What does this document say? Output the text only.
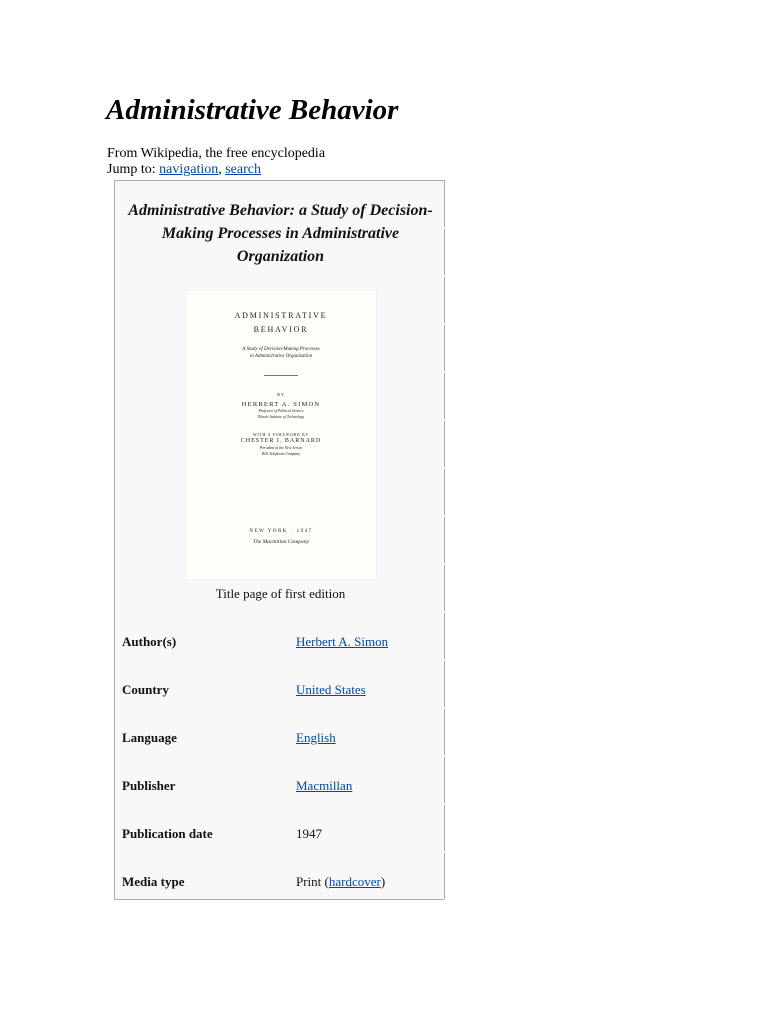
Administrative Behavior
From Wikipedia, the free encyclopedia
Jump to: navigation, search
Administrative Behavior: a Study of Decision-Making Processes in Administrative Organization
ADMINISTRATIVE
BEHAVIOR
A Study of Decision-Making Processes
in Administrative Organization
BY
HERBERT A. SIMON
Professor of Political Science
Illinois Institute of Technology
WITH A FOREWORD BY
CHESTER I. BARNARD
President of the New Jersey
Bell Telephone Company
NEW YORK · 1947
The Macmillan Company
Title page of first edition
Author(s)	Herbert A. Simon
Country	United States
Language	English
Publisher	Macmillan
Publication date	1947
Media type	Print (hardcover)
